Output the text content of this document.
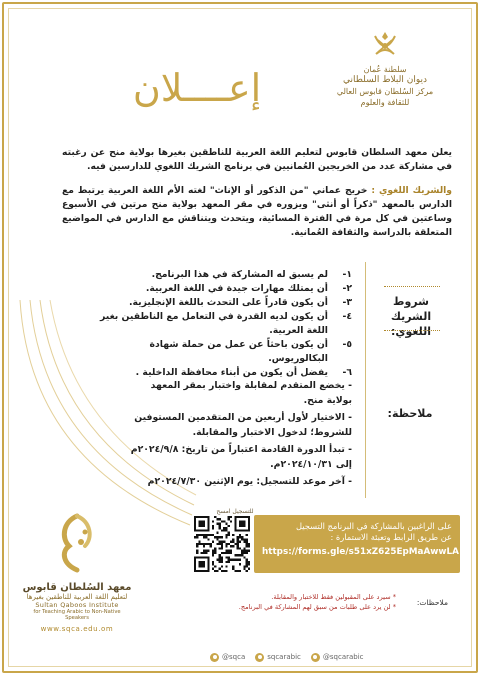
سلطنة عُمان
ديوان البلاط السلطاني
مركز السُلطان قابوس العالي للثقافة والعلوم
إعــــلان
يعلن معهد السلطان قابوس لتعليم اللغة العربية للناطقين بغيرها بولاية منح عن رغبته في مشاركة عدد من الخريجين العُمانيين في برنامج الشريك اللغوي للدارسين فيه.
والشريك اللغوي : خريج عماني "من الذكور أو الإناث" لغته الأم اللغة العربية يرتبط مع الدارس بالمعهد "ذكراً أو أنثى" ويزوره في مقر المعهد بولاية منح مرتين في الأسبوع وساعتين في كل مرة في الفترة المسائية، ويتحدث ويتناقش مع الدارس في المواضيع المتعلقة بالدراسة والثقافة العُمانية.
شروط
الشريك اللغوي:
١-
لم يسبق له المشاركة في هذا البرنامج.
٢-
أن يمتلك مهارات جيدة في اللغة العربية.
٣-
أن يكون قادراً على التحدث باللغة الإنجليزية.
٤-
أن يكون لديه القدرة في التعامل مع الناطقين بغير اللغة العربية.
٥-
أن يكون باحثاً عن عمل من حملة شهادة البكالوريوس.
٦-
يفضل أن يكون من أبناء محافظة الداخلية .
ملاحظة:

- يخضع المتقدم لمقابلة واختبار بمقر المعهد بولاية منح.

- الاختيار لأول أربعين من المتقدمين المستوفين للشروط؛ لدخول الاختبار والمقابلة.

- تبدأ الدورة القادمة اعتباراً من تاريخ: ٢٠٢٤/٩/٨م إلى ٢٠٢٤/١٠/٣١م.

- آخر موعد للتسجيل: يوم الإثنين ٢٠٢٤/٧/٣٠م

معهد السُلطان قابوس
لتعليم اللغة العربية للناطقين بغيرها
Sultan Qaboos Institute
for Teaching Arabic to Non-Native Speakers
www.sqca.edu.om
للتسجيل امسح
على الراغبين بالمشاركة في البرنامج التسجيل
عن طريق الرابط وتعبئة الاستمارة :
https://forms.gle/s51xZ625EpMaAwwLA
ملاحظات:

* سيرد على المقبولين فقط للاختبار والمقابلة.

* لن يرد على طلبات من سبق لهم المشاركة في البرنامج.

@sqca	sqcarabic	@sqcarabic
